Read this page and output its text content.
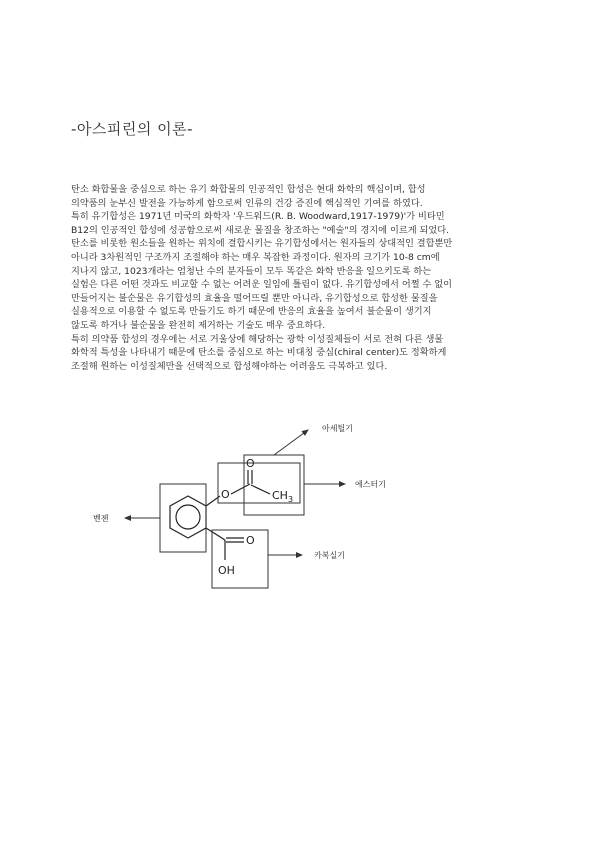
-아스피린의 이론-
탄소 화합물을 중심으로 하는 유기 화합물의 인공적인 합성은 현대 화학의 핵심이며, 합성
의약품의 눈부신 발전을 가능하게 함으로써 인류의 건강 증진에 핵심적인 기여를 하였다.
특히 유기합성은 1971년 미국의 화학자 '우드워드(R. B. Woodward,1917-1979)'가 비타민
B12의 인공적인 합성에 성공함으로써 새로운 물질을 창조하는 "예술"의 경지에 이르게 되었다.
탄소를 비롯한 원소들을 원하는 위치에 결합시키는 유기합성에서는 원자들의 상대적인 결합뿐만
아니라 3차원적인 구조까지 조절해야 하는 매우 복잡한 과정이다. 원자의 크기가 10-8 cm에
지나지 않고, 1023개라는 엄청난 수의 분자들이 모두 똑같은 화학 반응을 일으키도록 하는
실험은 다른 어떤 것과도 비교할 수 없는 어려운 일임에 틀림이 없다. 유기합성에서 어쩔 수 없이
만들어지는 불순물은 유기합성의 효율을 떨어뜨릴 뿐만 아니라, 유기합성으로 합성한 물질을
실용적으로 이용할 수 없도록 만들기도 하기 때문에 반응의 효율을 높여서 불순물이 생기지
않도록 하거나 불순물을 완전히 제거하는 기술도 매우 중요하다.
특히 의약품 합성의 경우에는 서로 거울상에 해당하는 광학 이성질체들이 서로 전혀 다른 생물
화학적 특성을 나타내기 때문에 탄소를 중심으로 하는 비대칭 중심(chiral center)도 정확하게
조절해 원하는 이성질체만을 선택적으로 합성해야하는 어려움도 극복하고 있다.
O
O
$CH_3$
O
OH
아세틸기
에스터기
벤젠
카복실기
